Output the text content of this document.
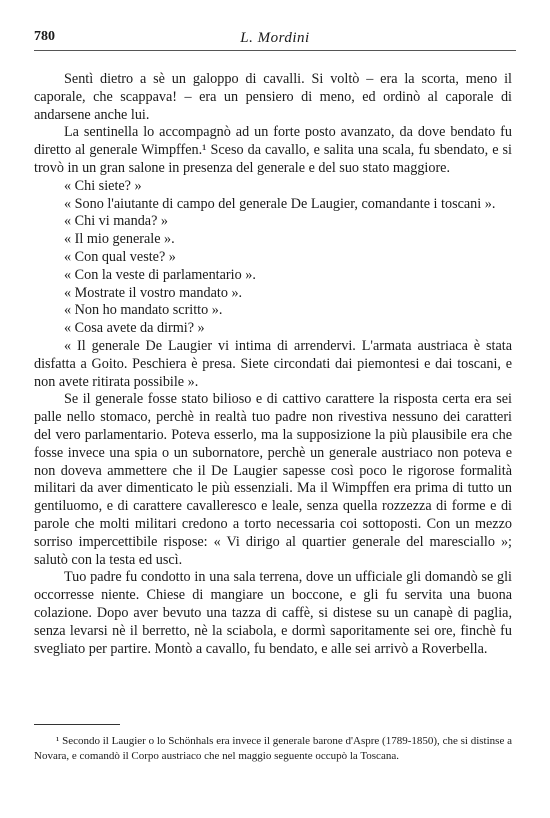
780	L. Mordini

Sentì dietro a sè un galoppo di cavalli. Si voltò – era la scorta, meno il caporale, che scappava! – era un pensiero di meno, ed ordinò al caporale di andarsene anche lui.

La sentinella lo accompagnò ad un forte posto avanzato, da dove bendato fu diretto al generale Wimpffen.¹ Sceso da cavallo, e salita una scala, fu sbendato, e si trovò in un gran salone in presenza del generale e del suo stato maggiore.

« Chi siete? »

« Sono l'aiutante di campo del generale De Laugier, comandante i toscani ».

« Chi vi manda? »

« Il mio generale ».

« Con qual veste? »

« Con la veste di parlamentario ».

« Mostrate il vostro mandato ».

« Non ho mandato scritto ».

« Cosa avete da dirmi? »

« Il generale De Laugier vi intima di arrendervi. L'armata austriaca è stata disfatta a Goito. Peschiera è presa. Siete circondati dai piemontesi e dai toscani, e non avete ritirata possibile ».

Se il generale fosse stato bilioso e di cattivo carattere la risposta certa era sei palle nello stomaco, perchè in realtà tuo padre non rivestiva nessuno dei caratteri del vero parlamentario. Poteva esserlo, ma la supposizione la più plausibile era che fosse invece una spia o un subornatore, perchè un generale austriaco non poteva e non doveva ammettere che il De Laugier sapesse così poco le rigorose formalità militari da aver dimenticato le più essenziali. Ma il Wimpffen era prima di tutto un gentiluomo, e di carattere cavalleresco e leale, senza quella rozzezza di forme e di parole che molti militari credono a torto necessaria coi sottoposti. Con un mezzo sorriso impercettibile rispose: « Vi dirigo al quartier generale del maresciallo »; salutò con la testa ed uscì.

Tuo padre fu condotto in una sala terrena, dove un ufficiale gli domandò se gli occorresse niente. Chiese di mangiare un boccone, e gli fu servita una buona colazione. Dopo aver bevuto una tazza di caffè, si distese su un canapè di paglia, senza levarsi nè il berretto, nè la sciabola, e dormì saporitamente sei ore, finchè fu svegliato per partire. Montò a cavallo, fu bendato, e alle sei arrivò a Roverbella.

¹ Secondo il Laugier o lo Schönhals era invece il generale barone d'Aspre (1789-1850), che si distinse a Novara, e comandò il Corpo austriaco che nel maggio seguente occupò la Toscana.
